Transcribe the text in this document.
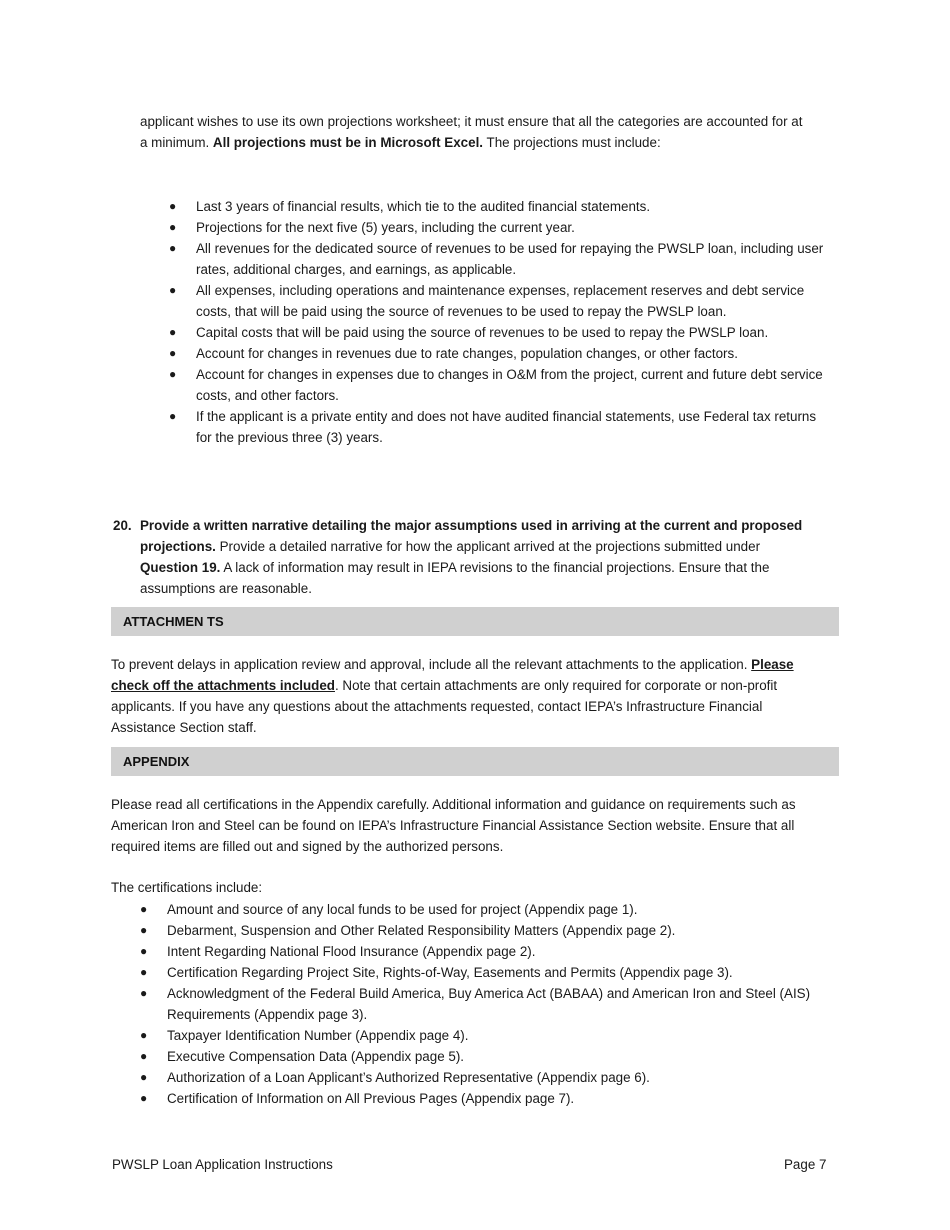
applicant wishes to use its own projections worksheet; it must ensure that all the categories are accounted for at a minimum. All projections must be in Microsoft Excel. The projections must include:

● Last 3 years of financial results, which tie to the audited financial statements.
● Projections for the next five (5) years, including the current year.
● All revenues for the dedicated source of revenues to be used for repaying the PWSLP loan, including user rates, additional charges, and earnings, as applicable.
● All expenses, including operations and maintenance expenses, replacement reserves and debt service costs, that will be paid using the source of revenues to be used to repay the PWSLP loan.
● Capital costs that will be paid using the source of revenues to be used to repay the PWSLP loan.
● Account for changes in revenues due to rate changes, population changes, or other factors.
● Account for changes in expenses due to changes in O&M from the project, current and future debt service costs, and other factors.
● If the applicant is a private entity and does not have audited financial statements, use Federal tax returns for the previous three (3) years.
20. Provide a written narrative detailing the major assumptions used in arriving at the current and proposed projections. Provide a detailed narrative for how the applicant arrived at the projections submitted under Question 19. A lack of information may result in IEPA revisions to the financial projections. Ensure that the assumptions are reasonable.

ATTACHMEN TS

To prevent delays in application review and approval, include all the relevant attachments to the application. Please check off the attachments included. Note that certain attachments are only required for corporate or non-profit applicants. If you have any questions about the attachments requested, contact IEPA’s Infrastructure Financial Assistance Section staff.

APPENDIX

Please read all certifications in the Appendix carefully. Additional information and guidance on requirements such as American Iron and Steel can be found on IEPA’s Infrastructure Financial Assistance Section website. Ensure that all required items are filled out and signed by the authorized persons.

The certifications include:

● Amount and source of any local funds to be used for project (Appendix page 1).
● Debarment, Suspension and Other Related Responsibility Matters (Appendix page 2).
● Intent Regarding National Flood Insurance (Appendix page 2).
● Certification Regarding Project Site, Rights-of-Way, Easements and Permits (Appendix page 3).
● Acknowledgment of the Federal Build America, Buy America Act (BABAA) and American Iron and Steel (AIS) Requirements (Appendix page 3).
● Taxpayer Identification Number (Appendix page 4).
● Executive Compensation Data (Appendix page 5).
● Authorization of a Loan Applicant’s Authorized Representative (Appendix page 6).
● Certification of Information on All Previous Pages (Appendix page 7).
PWSLP Loan Application Instructions	Page 7
